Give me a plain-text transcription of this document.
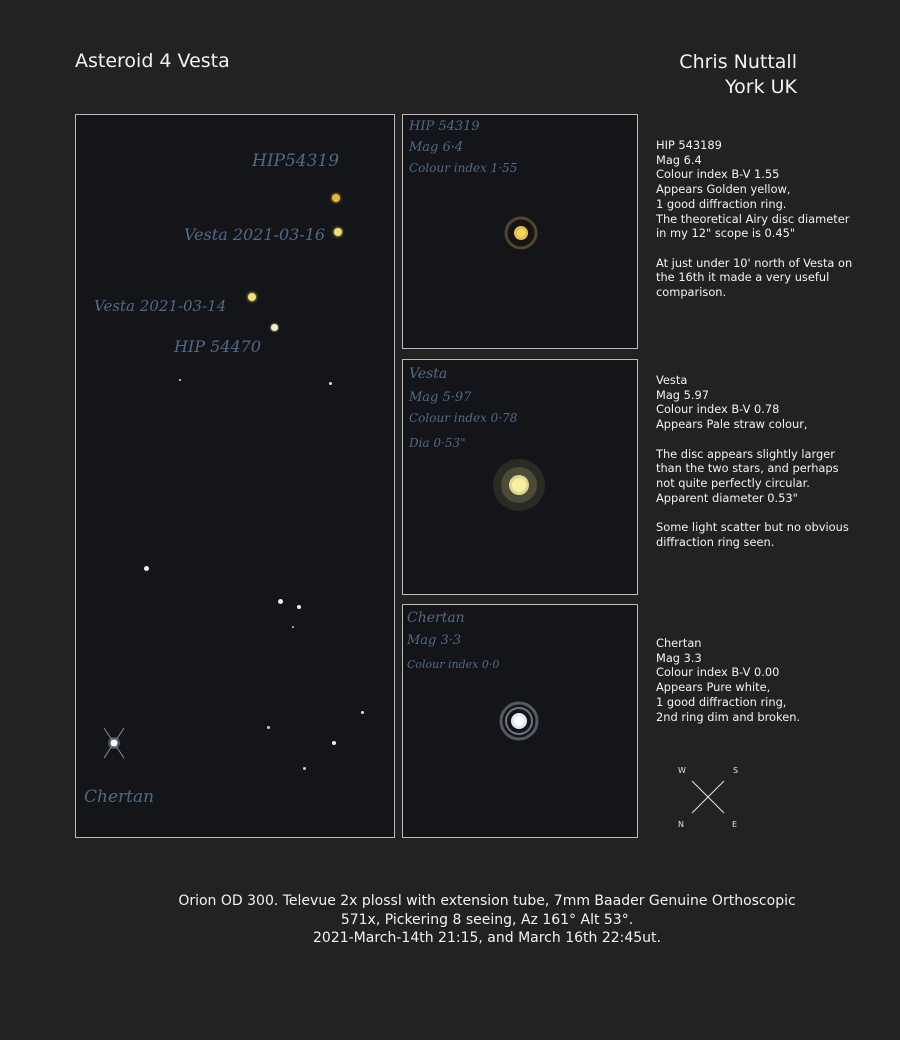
Asteroid 4 Vesta	Chris Nuttall
York UK
HIP54319
Vesta 2021-03-16
Vesta 2021-03-14
HIP 54470
Chertan
HIP 54319
Mag 6·4
Colour index 1·55
Vesta
Mag 5·97
Colour index 0·78
Dia 0·53"
Chertan
Mag 3·3
Colour index 0·0
HIP 543189
Mag 6.4
Colour index B-V 1.55
Appears Golden yellow,
1 good diffraction ring.
The theoretical Airy disc diameter in my 12" scope is 0.45"

At just under 10' north of Vesta on the 16th it made a very useful comparison.
Vesta
Mag 5.97
Colour index B-V 0.78
Appears Pale straw colour,

The disc appears slightly larger than the two stars, and perhaps not quite perfectly circular.
Apparent diameter 0.53"

Some light scatter but no obvious diffraction ring seen.
Chertan
Mag 3.3
Colour index B-V 0.00
Appears Pure white,
1 good diffraction ring,
2nd ring dim and broken.
W	S
N	E
Orion OD 300. Televue 2x plossl with extension tube, 7mm Baader Genuine Orthoscopic
571x, Pickering 8 seeing, Az 161° Alt 53°.
2021-March-14th 21:15, and March 16th 22:45ut.
